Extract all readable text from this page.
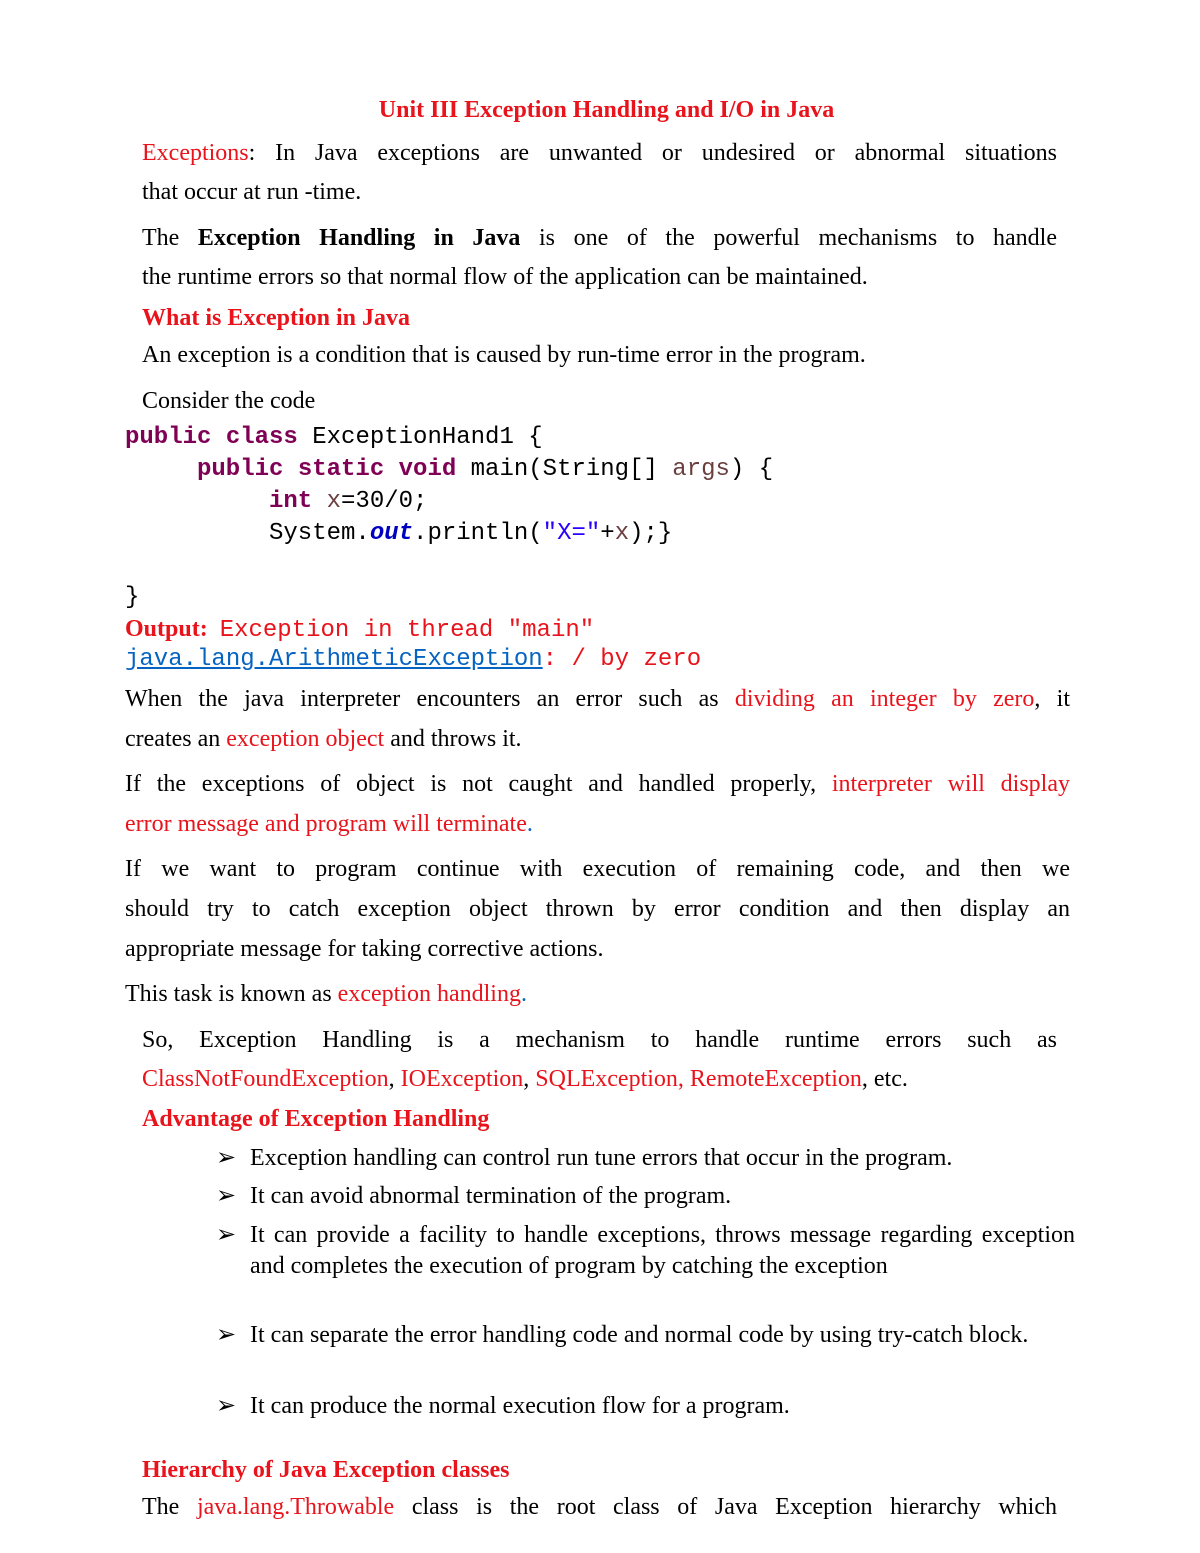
Unit III Exception Handling and I/O in Java
Exceptions: In Java exceptions are unwanted or undesired or abnormal situations
that occur at run -time.
The Exception Handling in Java is one of the powerful mechanisms to handle
the runtime errors so that normal flow of the application can be maintained.
What is Exception in Java
An exception is a condition that is caused by run-time error in the program.
Consider the code
public class ExceptionHand1 {
public static void main(String[] args) {
int x=30/0;
System.out.println("X="+x);}
}
Output: Exception in thread "main"
java.lang.ArithmeticException: / by zero
When the java interpreter encounters an error such as dividing an integer by zero, it
creates an exception object and throws it.
If the exceptions of object is not caught and handled properly, interpreter will display
error message and program will terminate.
If we want to program continue with execution of remaining code, and then we
should try to catch exception object thrown by error condition and then display an
appropriate message for taking corrective actions.
This task is known as exception handling.
So, Exception Handling is a mechanism to handle runtime errors such as
ClassNotFoundException, IOException, SQLException, RemoteException, etc.
Advantage of Exception Handling
➢ Exception handling can control run tune errors that occur in the program.
➢ It can avoid abnormal termination of the program.
➢ It can provide a facility to handle exceptions, throws message regarding exception and completes the execution of program by catching the exception
➢ It can separate the error handling code and normal code by using try-catch block.
➢ It can produce the normal execution flow for a program.
Hierarchy of Java Exception classes
The java.lang.Throwable class is the root class of Java Exception hierarchy which
